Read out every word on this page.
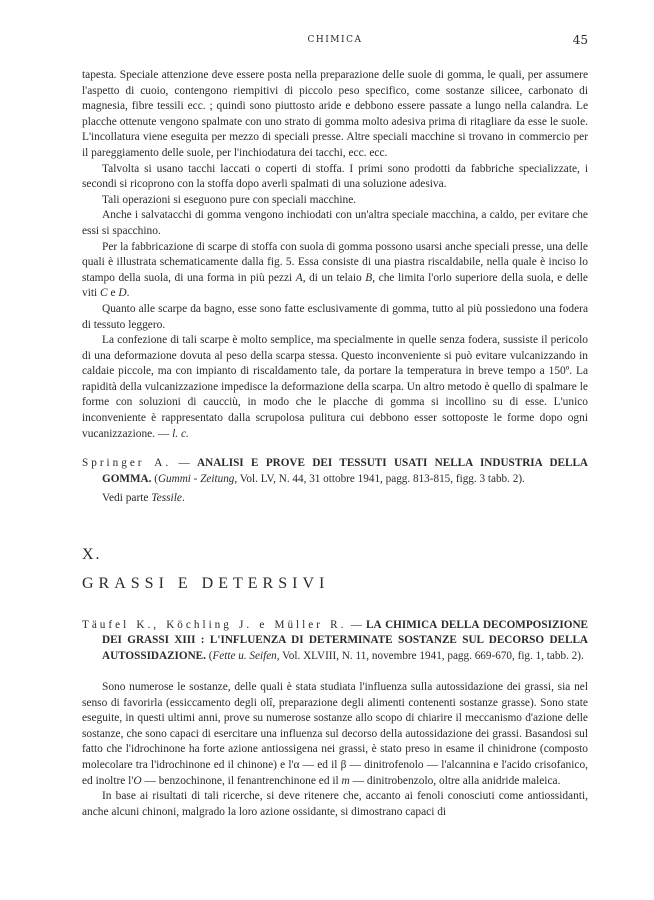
CHIMICA	45

tapesta. Speciale attenzione deve essere posta nella preparazione delle suole di gomma, le quali, per assumere l'aspetto di cuoio, contengono riempitivi di piccolo peso specifico, come sostanze silicee, carbonato di magnesia, fibre tessili ecc. ; quindi sono piuttosto aride e debbono essere passate a lungo nella calandra. Le placche ottenute vengono spalmate con uno strato di gomma molto adesiva prima di ritagliare da esse le suole. L'incollatura viene eseguita per mezzo di speciali presse. Altre speciali macchine si trovano in commercio per il pareggiamento delle suole, per l'inchiodatura dei tacchi, ecc. ecc.

Talvolta si usano tacchi laccati o coperti di stoffa. I primi sono prodotti da fabbriche specializzate, i secondi si ricoprono con la stoffa dopo averli spalmati di una soluzione adesiva.

Tali operazioni si eseguono pure con speciali macchine.

Anche i salvatacchi di gomma vengono inchiodati con un'altra speciale macchina, a caldo, per evitare che essi si spacchino.

Per la fabbricazione di scarpe di stoffa con suola di gomma possono usarsi anche speciali presse, una delle quali è illustrata schematicamente dalla fig. 5. Essa consiste di una piastra riscaldabile, nella quale è inciso lo stampo della suola, di una forma in più pezzi A, di un telaio B, che limita l'orlo superiore della suola, e delle viti C e D.

Quanto alle scarpe da bagno, esse sono fatte esclusivamente di gomma, tutto al più possiedono una fodera di tessuto leggero.

La confezione di tali scarpe è molto semplice, ma specialmente in quelle senza fodera, sussiste il pericolo di una deformazione dovuta al peso della scarpa stessa. Questo inconveniente si può evitare vulcanizzando in caldaie piccole, ma con impianto di riscaldamento tale, da portare la temperatura in breve tempo a 150º. La rapidità della vulcanizzazione impedisce la deformazione della scarpa. Un altro metodo è quello di spalmare le forme con soluzioni di caucciù, in modo che le placche di gomma si incollino su di esse. L'unico inconveniente è rappresentato dalla scrupolosa pulitura cui debbono esser sottoposte le forme dopo ogni vucanizzazione. — l. c.

Springer A. — ANALISI E PROVE DEI TESSUTI USATI NELLA INDUSTRIA DELLA GOMMA. (Gummi - Zeitung, Vol. LV, N. 44, 31 ottobre 1941, pagg. 813-815, figg. 3 tabb. 2).

Vedi parte Tessile.

X.

GRASSI E DETERSIVI

Täufel K., Köchling J. e Müller R. — LA CHIMICA DELLA DECOMPOSIZIONE DEI GRASSI XIII : L'INFLUENZA DI DETERMINATE SOSTANZE SUL DECORSO DELLA AUTOSSIDAZIONE. (Fette u. Seifen, Vol. XLVIII, N. 11, novembre 1941, pagg. 669-670, fig. 1, tabb. 2).

Sono numerose le sostanze, delle quali è stata studiata l'influenza sulla autossidazione dei grassi, sia nel senso di favorirla (essiccamento degli olî, preparazione degli alimenti contenenti sostanze grasse). Sono state eseguite, in questi ultimi anni, prove su numerose sostanze allo scopo di chiarire il meccanismo d'azione delle sostanze, che sono capaci di esercitare una influenza sul decorso della autossidazione dei grassi. Basandosi sul fatto che l'idrochinone ha forte azione antiossigena nei grassi, è stato preso in esame il chinidrone (composto molecolare tra l'idrochinone ed il chinone) e l'α — ed il β — dinitrofenolo — l'alcannina e l'acido crisofanico, ed inoltre l'O — benzochinone, il fenantrenchinone ed il m — dinitrobenzolo, oltre alla anidride maleica.

In base ai risultati di tali ricerche, si deve ritenere che, accanto ai fenoli conosciuti come antiossidanti, anche alcuni chinoni, malgrado la loro azione ossidante, si dimostrano capaci di
